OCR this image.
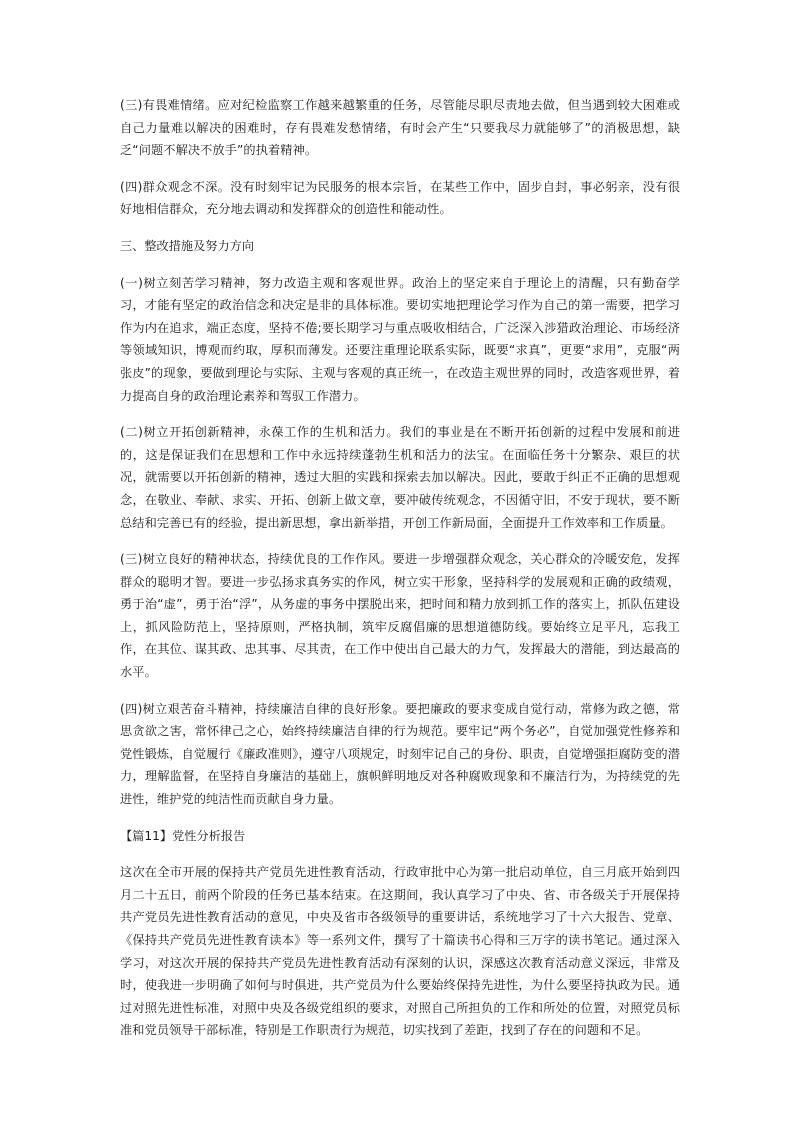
(三)有畏难情绪。应对纪检监察工作越来越繁重的任务，尽管能尽职尽责地去做，但当遇到较大困难或自己力量难以解决的困难时，存有畏难发愁情绪，有时会产生“只要我尽力就能够了”的消极思想，缺乏“问题不解决不放手”的执着精神。

(四)群众观念不深。没有时刻牢记为民服务的根本宗旨，在某些工作中，固步自封，事必躬亲，没有很好地相信群众，充分地去调动和发挥群众的创造性和能动性。

三、整改措施及努力方向

(一)树立刻苦学习精神，努力改造主观和客观世界。政治上的坚定来自于理论上的清醒，只有勤奋学习，才能有坚定的政治信念和决定是非的具体标准。要切实地把理论学习作为自己的第一需要，把学习作为内在追求，端正态度，坚持不倦;要长期学习与重点吸收相结合，广泛深入涉猎政治理论、市场经济等领域知识，博观而约取，厚积而薄发。还要注重理论联系实际，既要“求真”，更要“求用”，克服“两张皮”的现象，要做到理论与实际、主观与客观的真正统一，在改造主观世界的同时，改造客观世界，着力提高自身的政治理论素养和驾驭工作潜力。

(二)树立开拓创新精神，永葆工作的生机和活力。我们的事业是在不断开拓创新的过程中发展和前进的，这是保证我们在思想和工作中永远持续蓬勃生机和活力的法宝。在面临任务十分繁杂、艰巨的状况，就需要以开拓创新的精神，透过大胆的实践和探索去加以解决。因此，要敢于纠正不正确的思想观念，在敬业、奉献、求实、开拓、创新上做文章，要冲破传统观念，不因循守旧，不安于现状，要不断总结和完善已有的经验，提出新思想，拿出新举措，开创工作新局面，全面提升工作效率和工作质量。

(三)树立良好的精神状态，持续优良的工作作风。要进一步增强群众观念，关心群众的冷暖安危，发挥群众的聪明才智。要进一步弘扬求真务实的作风，树立实干形象，坚持科学的发展观和正确的政绩观，勇于治“虚”，勇于治“浮”，从务虚的事务中摆脱出来，把时间和精力放到抓工作的落实上，抓队伍建设上，抓风险防范上，坚持原则，严格执制，筑牢反腐倡廉的思想道德防线。要始终立足平凡，忘我工作，在其位、谋其政、忠其事、尽其责，在工作中使出自己最大的力气，发挥最大的潜能，到达最高的水平。

(四)树立艰苦奋斗精神，持续廉洁自律的良好形象。要把廉政的要求变成自觉行动，常修为政之德，常思贪欲之害，常怀律己之心，始终持续廉洁自律的行为规范。要牢记“两个务必”，自觉加强党性修养和党性锻炼，自觉履行《廉政准则》，遵守八项规定，时刻牢记自己的身份、职责，自觉增强拒腐防变的潜力，理解监督，在坚持自身廉洁的基础上，旗帜鲜明地反对各种腐败现象和不廉洁行为，为持续党的先进性，维护党的纯洁性而贡献自身力量。

【篇11】党性分析报告

这次在全市开展的保持共产党员先进性教育活动，行政审批中心为第一批启动单位，自三月底开始到四月二十五日，前两个阶段的任务已基本结束。在这期间，我认真学习了中央、省、市各级关于开展保持共产党员先进性教育活动的意见，中央及省市各级领导的重要讲话，系统地学习了十六大报告、党章、《保持共产党员先进性教育读本》等一系列文件，撰写了十篇读书心得和三万字的读书笔记。通过深入学习，对这次开展的保持共产党员先进性教育活动有深刻的认识，深感这次教育活动意义深远，非常及时，使我进一步明确了如何与时俱进，共产党员为什么要始终保持先进性，为什么要坚持执政为民。通过对照先进性标准，对照中央及各级党组织的要求，对照自己所担负的工作和所处的位置，对照党员标准和党员领导干部标准，特别是工作职责行为规范，切实找到了差距，找到了存在的问题和不足。
